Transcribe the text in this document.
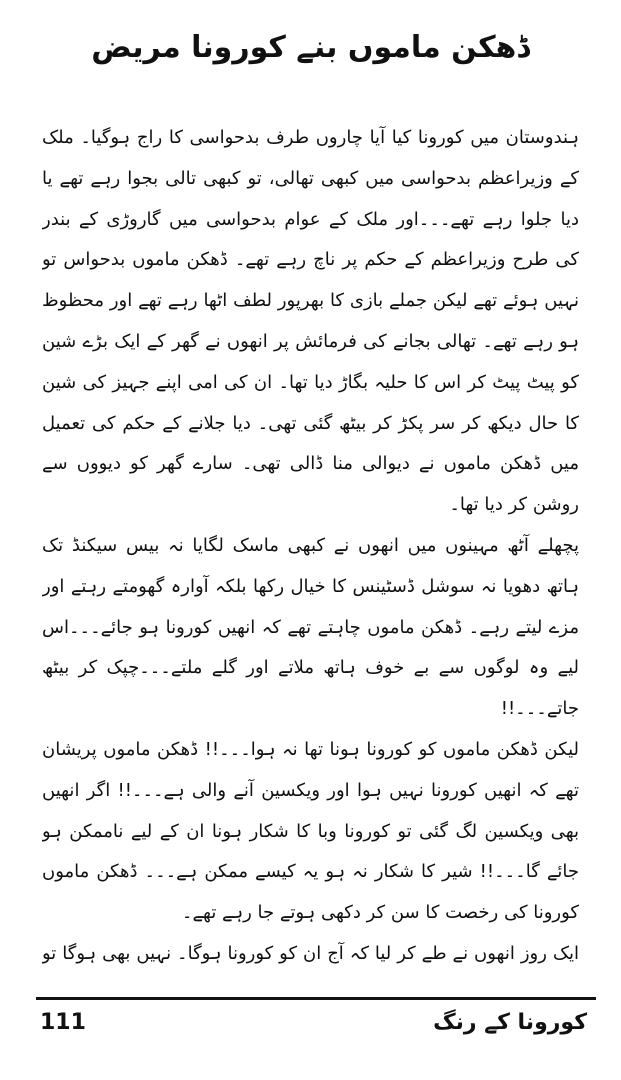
ڈھکن ماموں بنے کورونا مریض

ہندوستان میں کورونا کیا آیا چاروں طرف بدحواسی کا راج ہوگیا۔ ملک کے وزیراعظم بدحواسی میں کبھی تھالی، تو کبھی تالی بجوا رہے تھے یا دیا جلوا رہے تھے۔۔۔اور ملک کے عوام بدحواسی میں گاروڑی کے بندر کی طرح وزیراعظم کے حکم پر ناچ رہے تھے۔ ڈھکن ماموں بدحواس تو نہیں ہوئے تھے لیکن جملے بازی کا بھرپور لطف اٹھا رہے تھے اور محظوظ ہو رہے تھے۔ تھالی بجانے کی فرمائش پر انھوں نے گھر کے ایک بڑے شین کو پیٹ پیٹ کر اس کا حلیہ بگاڑ دیا تھا۔ ان کی امی اپنے جہیز کی شین کا حال دیکھ کر سر پکڑ کر بیٹھ گئی تھی۔ دیا جلانے کے حکم کی تعمیل میں ڈھکن ماموں نے دیوالی منا ڈالی تھی۔ سارے گھر کو دیووں سے روشن کر دیا تھا۔

پچھلے آٹھ مہینوں میں انھوں نے کبھی ماسک لگایا نہ بیس سیکنڈ تک ہاتھ دھویا نہ سوشل ڈسٹینس کا خیال رکھا بلکہ آوارہ گھومتے رہتے اور مزے لیتے رہے۔ ڈھکن ماموں چاہتے تھے کہ انھیں کورونا ہو جائے۔۔۔اس لیے وہ لوگوں سے بے خوف ہاتھ ملاتے اور گلے ملتے۔۔۔چپک کر بیٹھ جاتے۔۔۔!!

لیکن ڈھکن ماموں کو کورونا ہونا تھا نہ ہوا۔۔۔!! ڈھکن ماموں پریشان تھے کہ انھیں کورونا نہیں ہوا اور ویکسین آنے والی ہے۔۔۔!! اگر انھیں بھی ویکسین لگ گئی تو کورونا وبا کا شکار ہونا ان کے لیے ناممکن ہو جائے گا۔۔۔!! شیر کا شکار نہ ہو یہ کیسے ممکن ہے۔۔۔ ڈھکن ماموں کورونا کی رخصت کا سن کر دکھی ہوتے جا رہے تھے۔

ایک روز انھوں نے طے کر لیا کہ آج ان کو کورونا ہوگا۔ نہیں بھی ہوگا تو

111	کورونا کے رنگ
